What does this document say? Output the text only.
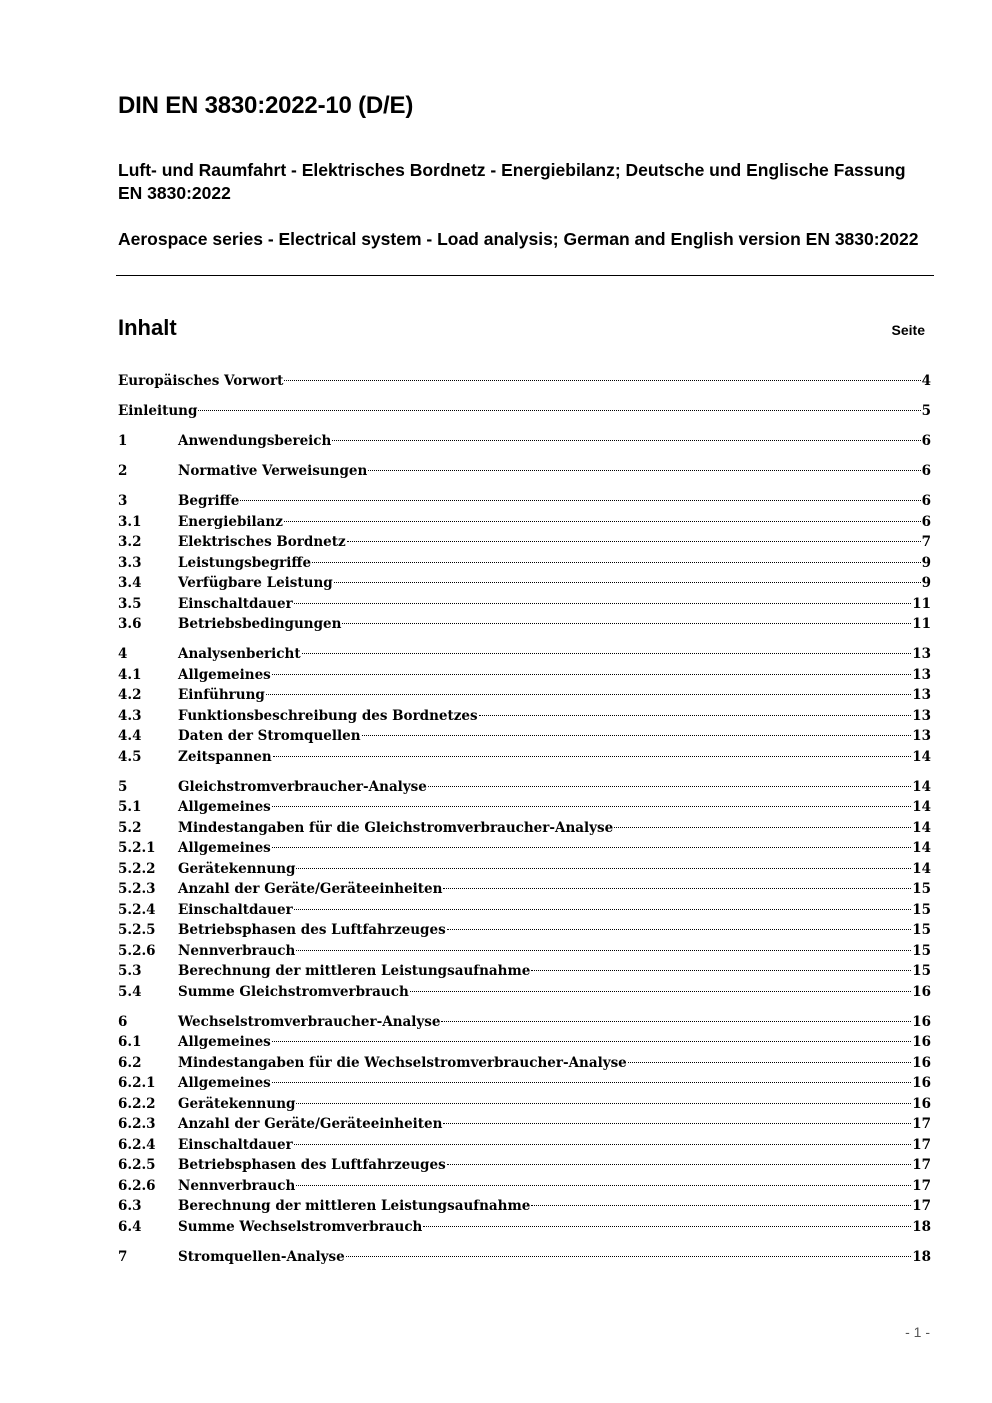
DIN EN 3830:2022-10 (D/E)
Luft- und Raumfahrt - Elektrisches Bordnetz - Energiebilanz; Deutsche und Englische Fassung EN 3830:2022
Aerospace series - Electrical system - Load analysis; German and English version EN 3830:2022
Inhalt	Seite
Europäisches Vorwort	4
Einleitung	5
1	Anwendungsbereich	6
2	Normative Verweisungen	6
3	Begriffe	6
3.1	Energiebilanz	6
3.2	Elektrisches Bordnetz	7
3.3	Leistungsbegriffe	9
3.4	Verfügbare Leistung	9
3.5	Einschaltdauer	11
3.6	Betriebsbedingungen	11
4	Analysenbericht	13
4.1	Allgemeines	13
4.2	Einführung	13
4.3	Funktionsbeschreibung des Bordnetzes	13
4.4	Daten der Stromquellen	13
4.5	Zeitspannen	14
5	Gleichstromverbraucher-Analyse	14
5.1	Allgemeines	14
5.2	Mindestangaben für die Gleichstromverbraucher-Analyse	14
5.2.1	Allgemeines	14
5.2.2	Gerätekennung	14
5.2.3	Anzahl der Geräte/Geräteeinheiten	15
5.2.4	Einschaltdauer	15
5.2.5	Betriebsphasen des Luftfahrzeuges	15
5.2.6	Nennverbrauch	15
5.3	Berechnung der mittleren Leistungsaufnahme	15
5.4	Summe Gleichstromverbrauch	16
6	Wechselstromverbraucher-Analyse	16
6.1	Allgemeines	16
6.2	Mindestangaben für die Wechselstromverbraucher-Analyse	16
6.2.1	Allgemeines	16
6.2.2	Gerätekennung	16
6.2.3	Anzahl der Geräte/Geräteeinheiten	17
6.2.4	Einschaltdauer	17
6.2.5	Betriebsphasen des Luftfahrzeuges	17
6.2.6	Nennverbrauch	17
6.3	Berechnung der mittleren Leistungsaufnahme	17
6.4	Summe Wechselstromverbrauch	18
7	Stromquellen-Analyse	18
- 1 -
